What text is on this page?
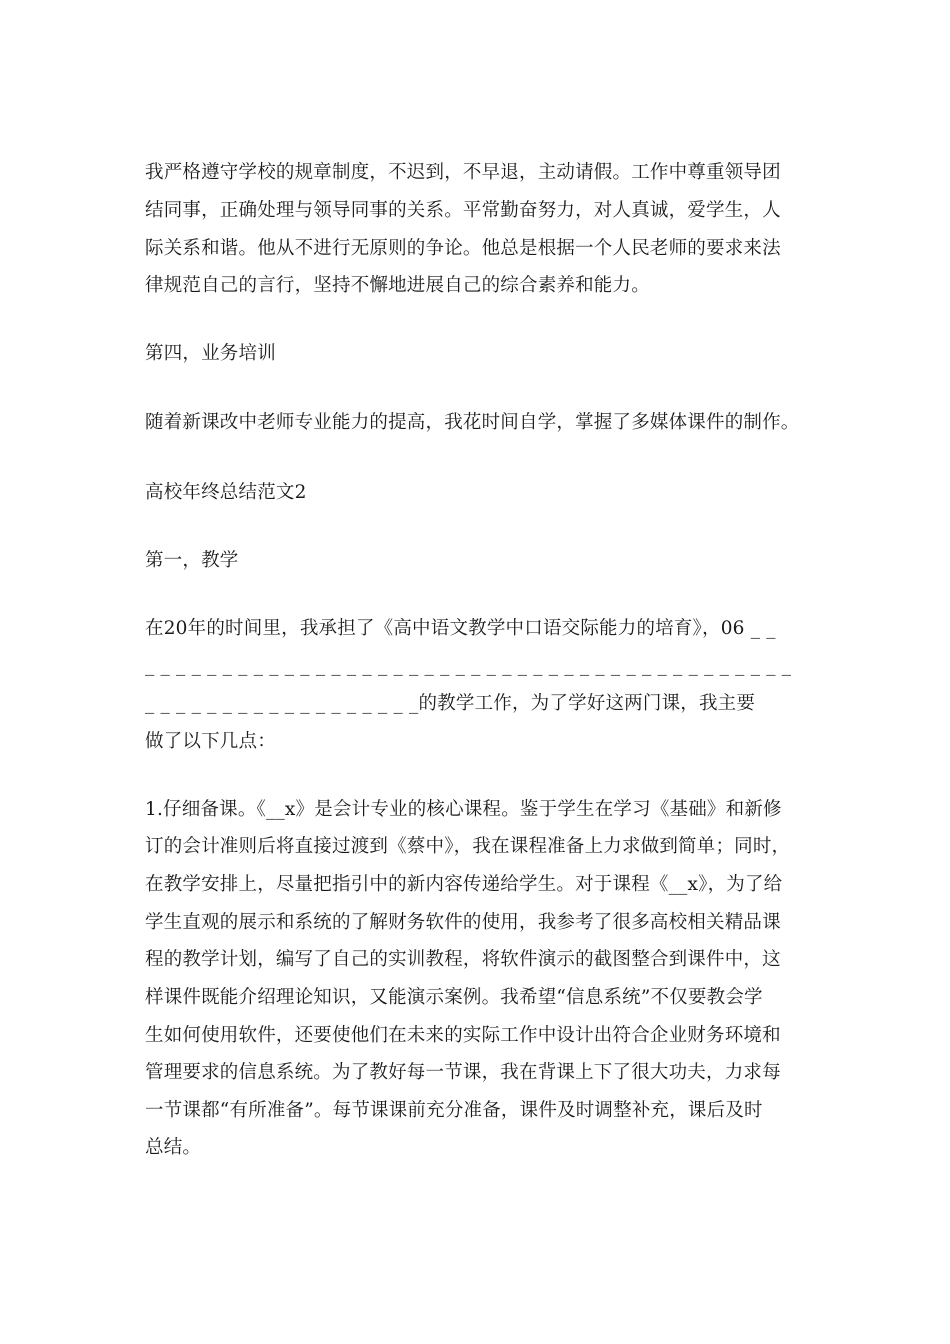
我严格遵守学校的规章制度，不迟到，不早退，主动请假。工作中尊重领导团
结同事，正确处理与领导同事的关系。平常勤奋努力，对人真诚，爱学生，人
际关系和谐。他从不进行无原则的争论。他总是根据一个人民老师的要求来法
律规范自己的言行，坚持不懈地进展自己的综合素养和能力。
第四，业务培训
随着新课改中老师专业能力的提高，我花时间自学，掌握了多媒体课件的制作。
高校年终总结范文2
第一，教学
在20年的时间里，我承担了《高中语文教学中口语交际能力的培育》，06 _ _
_ _ _ _ _ _ _ _ _ _ _ _ _ _ _ _ _ _ _ _ _ _ _ _ _ _ _ _ _ _ _ _ _ _ _ _ _ _ _ _ _ _
_ _ _ _ _ _ _ _ _ _ _ _ _ _ _ _ _ _的教学工作，为了学好这两门课，我主要
做了以下几点：
1.仔细备课。《__x》是会计专业的核心课程。鉴于学生在学习《基础》和新修
订的会计准则后将直接过渡到《蔡中》，我在课程准备上力求做到简单；同时，
在教学安排上，尽量把指引中的新内容传递给学生。对于课程《__x》，为了给
学生直观的展示和系统的了解财务软件的使用，我参考了很多高校相关精品课
程的教学计划，编写了自己的实训教程，将软件演示的截图整合到课件中，这
样课件既能介绍理论知识，又能演示案例。我希望“信息系统”不仅要教会学
生如何使用软件，还要使他们在未来的实际工作中设计出符合企业财务环境和
管理要求的信息系统。为了教好每一节课，我在背课上下了很大功夫，力求每
一节课都“有所准备”。每节课课前充分准备，课件及时调整补充，课后及时
总结。
